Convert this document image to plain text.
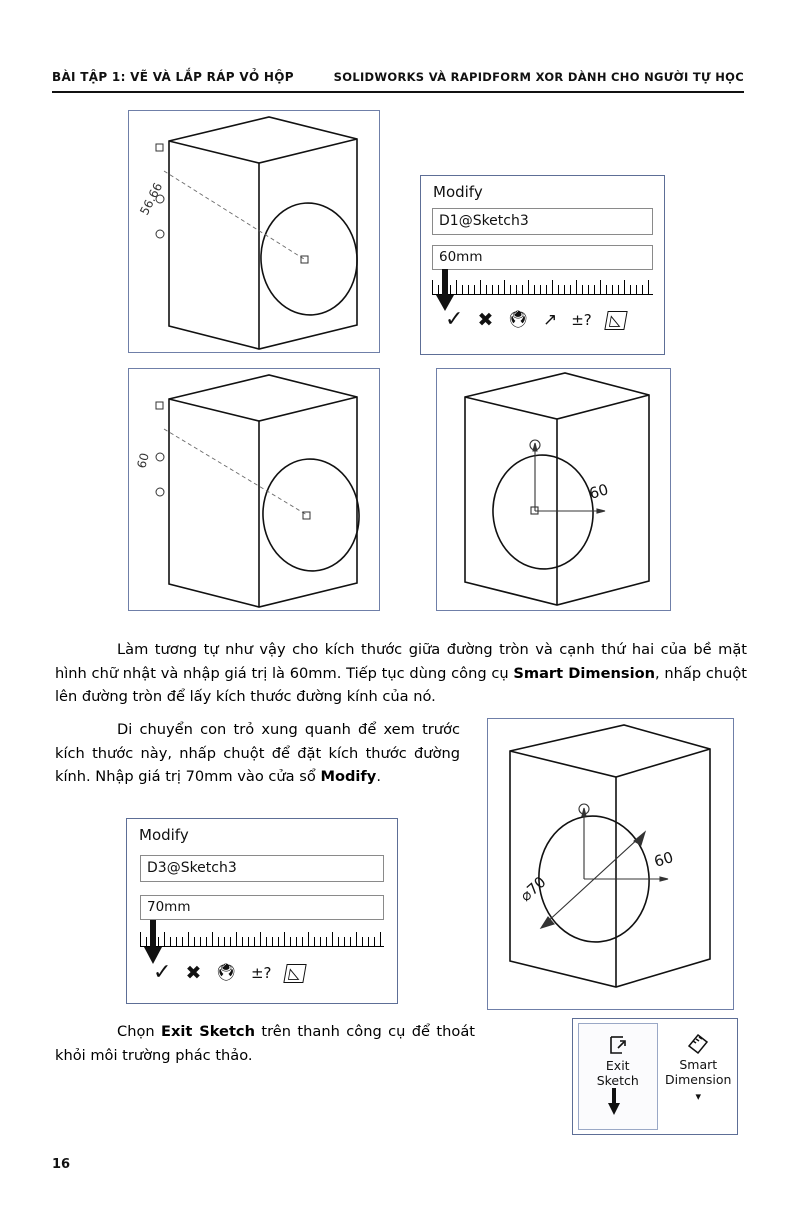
BÀI TẬP 1: VẼ VÀ LẮP RÁP VỎ HỘP	SOLIDWORKS VÀ RAPIDFORM XOR DÀNH CHO NGƯỜI TỰ HỌC
56.66
60
60
Modify
D1@Sketch3
60mm
✓ ✖ 🖲 ↗ ±? ◺
Làm tương tự như vậy cho kích thước giữa đường tròn và cạnh thứ hai của bề mặt hình chữ nhật và nhập giá trị là 60mm. Tiếp tục dùng công cụ Smart Dimension, nhấp chuột lên đường tròn để lấy kích thước đường kính của nó.
Di chuyển con trỏ xung quanh để xem trước kích thước này, nhấp chuột để đặt kích thước đường kính. Nhập giá trị 70mm vào cửa sổ Modify.
⌀70
60
Modify
D3@Sketch3
70mm
✓ ✖ 🖲 ±? ◺
Chọn Exit Sketch trên thanh công cụ để thoát khỏi môi trường phác thảo.
Exit
Sketch
Smart
Dimension
▾
16
